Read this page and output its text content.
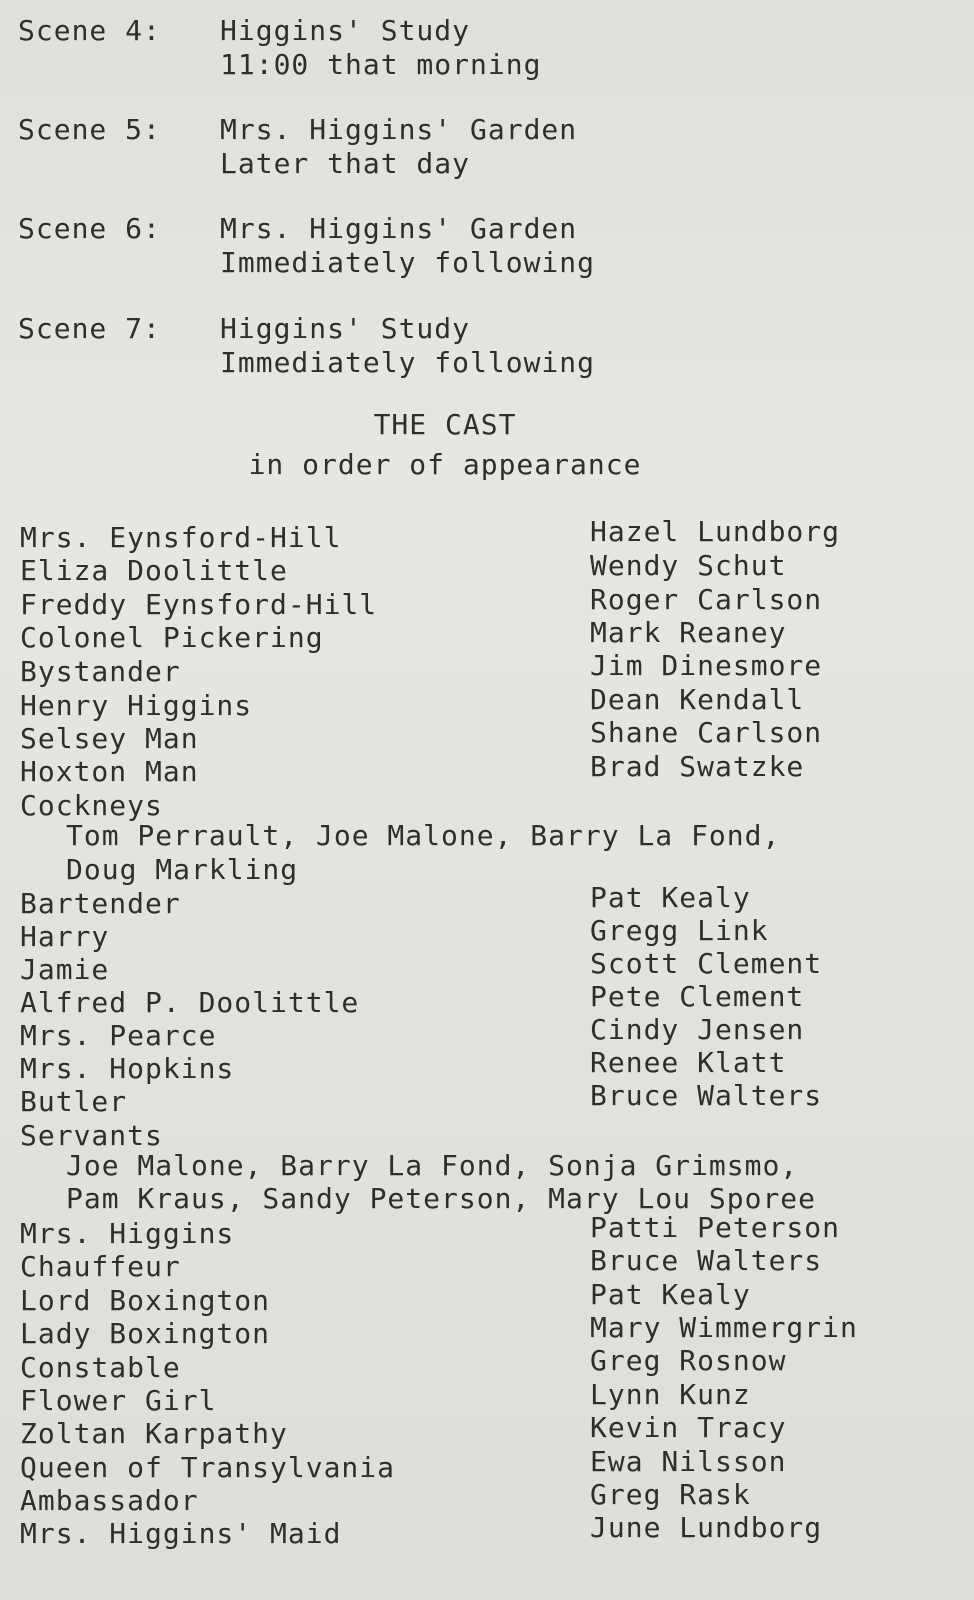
Scene 4: Higgins' Study
11:00 that morning
Scene 5: Mrs. Higgins' Garden
Later that day
Scene 6: Mrs. Higgins' Garden
Immediately following
Scene 7: Higgins' Study
Immediately following
THE CAST
in order of appearance
Mrs. Eynsford-Hill	Hazel Lundborg
Eliza Doolittle	Wendy Schut
Freddy Eynsford-Hill	Roger Carlson
Colonel Pickering	Mark Reaney
Bystander	Jim Dinesmore
Henry Higgins	Dean Kendall
Selsey Man	Shane Carlson
Hoxton Man	Brad Swatzke
Cockneys
Tom Perrault, Joe Malone, Barry La Fond,
Doug Markling
Bartender	Pat Kealy
Harry	Gregg Link
Jamie	Scott Clement
Alfred P. Doolittle	Pete Clement
Mrs. Pearce	Cindy Jensen
Mrs. Hopkins	Renee Klatt
Butler	Bruce Walters
Servants
Joe Malone, Barry La Fond, Sonja Grimsmo,
Pam Kraus, Sandy Peterson, Mary Lou Sporee
Mrs. Higgins	Patti Peterson
Chauffeur	Bruce Walters
Lord Boxington	Pat Kealy
Lady Boxington	Mary Wimmergrin
Constable	Greg Rosnow
Flower Girl	Lynn Kunz
Zoltan Karpathy	Kevin Tracy
Queen of Transylvania	Ewa Nilsson
Ambassador	Greg Rask
Mrs. Higgins' Maid	June Lundborg
